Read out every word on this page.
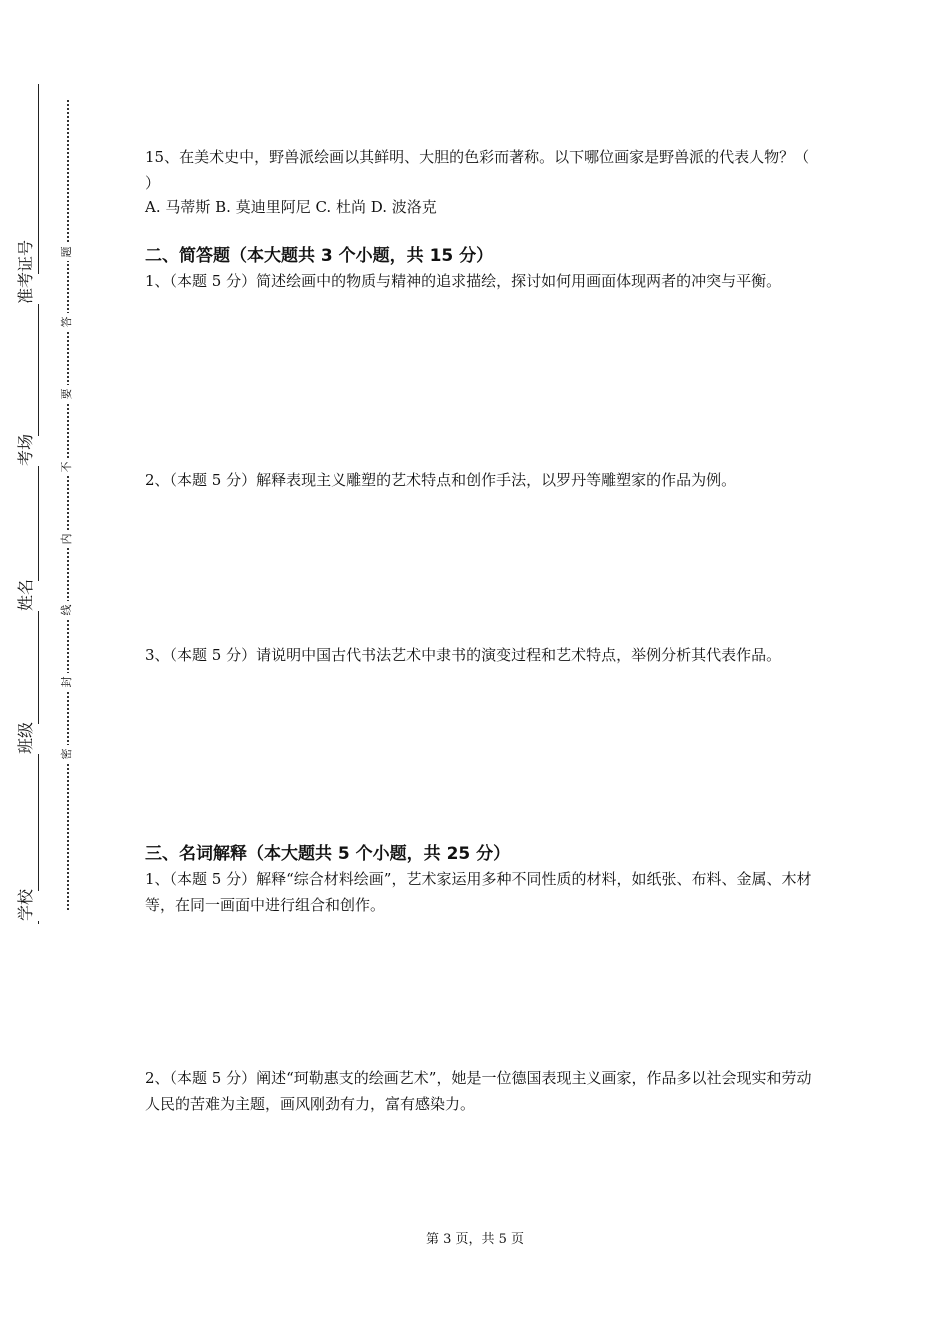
准考证号
考场
姓名
班级
学校
题
答
要
不
内
线
封
密

15、在美术史中，野兽派绘画以其鲜明、大胆的色彩而著称。以下哪位画家是野兽派的代表人物？（ ）

A. 马蒂斯 B. 莫迪里阿尼 C. 杜尚 D. 波洛克

二、简答题（本大题共 3 个小题，共 15 分）

1、（本题 5 分）简述绘画中的物质与精神的追求描绘，探讨如何用画面体现两者的冲突与平衡。

2、（本题 5 分）解释表现主义雕塑的艺术特点和创作手法，以罗丹等雕塑家的作品为例。

3、（本题 5 分）请说明中国古代书法艺术中隶书的演变过程和艺术特点，举例分析其代表作品。

三、名词解释（本大题共 5 个小题，共 25 分）

1、（本题 5 分）解释“综合材料绘画”，艺术家运用多种不同性质的材料，如纸张、布料、金属、木材等，在同一画面中进行组合和创作。

2、（本题 5 分）阐述“珂勒惠支的绘画艺术”，她是一位德国表现主义画家，作品多以社会现实和劳动人民的苦难为主题，画风刚劲有力，富有感染力。

第 3 页，共 5 页
